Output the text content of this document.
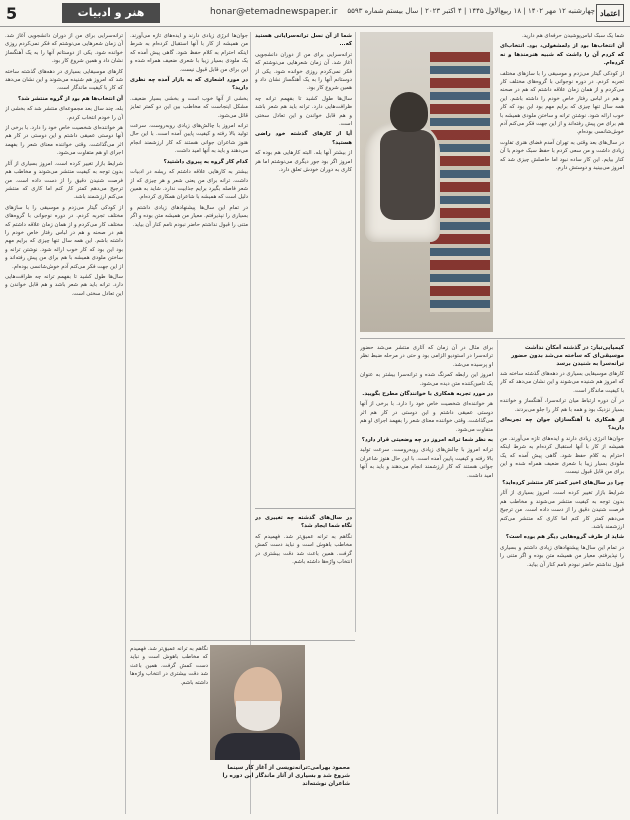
5	هنر و ادبیات	honar@etemadnewspaper.ir	چهارشنبه ۱۲ مهر ۱۴۰۲ | ۱۸ ربیع‌الاول ۱۴۴۵ | ۴ اکتبر ۲۰۲۳ | سال بیستم شماره ۵۵۹۳ اعتماد

شما یک سبک لباس‌پوشیدن حرفه‌ای هم دارید.

آن انتخاب‌ها بود از دلمشغولی، بود. انتخاب‌ای که کردم آن را داشت که شبیه هنرمندها و نه کرده‌ام.

از کودکی گیتار می‌زدم و موسیقی را با سازهای مختلف تجربه کردم. در دوره نوجوانی با گروه‌های مختلف کار می‌کردم و از همان زمان علاقه داشتم که هم در صحنه و هم در لباس رفتار خاص خودم را داشته باشم. این همه سال تنها چیزی که برایم مهم بود این بود که کار خوب ارائه شود. نوشتن ترانه و ساختن ملودی همیشه با هم برای من پیش رفته‌اند و از این جهت فکر می‌کنم آدم خوش‌شانسی بوده‌ام.

در سال‌های بعد وقتی به تهران آمدم فضای هنری تفاوت زیادی داشت و من سعی کردم با حفظ سبک خودم با آن کنار بیایم. این کار ساده نبود اما حاصلش چیزی شد که امروز می‌بینید و دوستش دارم.

کیمیایی‌‌تبار: در گذشته امکان نداشت موسیقی‌ای که ساخته می‌شد بدون حضور ترانه‌سرا به شنیدن برسد

کارهای موسیقایی بسیاری در دهه‌های گذشته ساخته شد که امروز هم شنیده می‌شوند و این نشان می‌دهد که کار با کیفیت ماندگار است.

در آن دوره ارتباط میان ترانه‌سرا، آهنگساز و خواننده بسیار نزدیک بود و همه با هم کار را جلو می‌بردند.

از همکاری با آهنگسازان جوان چه تجربه‌ای دارید؟

جوان‌ها انرژی زیادی دارند و ایده‌های تازه می‌آورند. من همیشه از کار با آنها استقبال کرده‌ام به شرط اینکه احترام به کلام حفظ شود. گاهی پیش آمده که یک ملودی بسیار زیبا با شعری ضعیف همراه شده و این برای من قابل قبول نیست.

چرا در سال‌های اخیر کمتر کار منتشر کرده‌اید؟

شرایط بازار تغییر کرده است. امروز بسیاری از آثار بدون توجه به کیفیت منتشر می‌شوند و مخاطب هم فرصت شنیدن دقیق را از دست داده است. من ترجیح می‌دهم کمتر کار کنم اما کاری که منتشر می‌کنم ارزشمند باشد.

شاید از طرف گروه‌هایی دیگر هم بوده است؟

در تمام این سال‌ها پیشنهادهای زیادی داشتم و بسیاری را نپذیرفتم. معیار من همیشه متن بوده و اگر متنی را قبول نداشتم حاضر نبودم نامم کنار آن بیاید.

برای مثال در آن زمان که آثاری منتشر می‌شد حضور ترانه‌سرا در استودیو الزامی بود و حتی در مرحله ضبط نظر او پرسیده می‌شد.

امروز این رابطه کمرنگ شده و ترانه‌سرا بیشتر به عنوان یک تامین‌کننده متن دیده می‌شود.

در مورد تجربه همکاری با خوانندگان مطرح بگویید.

هر خواننده‌ای شخصیت خاص خود را دارد. با برخی از آنها دوستی عمیقی داشتم و این دوستی در کار هم اثر می‌گذاشت. وقتی خواننده معنای شعر را بفهمد اجرای او هم متفاوت می‌شود.

به نظر شما ترانه امروز در چه وضعیتی قرار دارد؟

ترانه امروز با چالش‌های زیادی روبه‌روست. سرعت تولید بالا رفته و کیفیت پایین آمده است. با این حال هنوز شاعران جوانی هستند که کار ارزشمند انجام می‌دهند و باید به آنها امید داشت.

شما از آن نسل ترانه‌سرایانی هستید که...

ترانه‌سرایی برای من از دوران دانشجویی آغاز شد. آن زمان شعرهایی می‌نوشتم که فکر نمی‌کردم روزی خوانده شود. یکی از دوستانم آنها را به یک آهنگساز نشان داد و همین شروع کار بود.

سال‌ها طول کشید تا بفهمم ترانه چه ظرافت‌هایی دارد. ترانه باید هم شعر باشد و هم قابل خواندن و این تعادل سختی است.

آیا از کارهای گذشته خود راضی هستید؟

از بیشتر آنها بله. البته کارهایی هم بوده که امروز اگر بود جور دیگری می‌نوشتم اما هر کاری به دوران خودش تعلق دارد.

در سال‌های گذشته چه تغییری در نگاه شما ایجاد شد؟

نگاهم به ترانه عمیق‌تر شد. فهمیدم که مخاطب باهوش است و نباید دست کمش گرفت. همین باعث شد دقت بیشتری در انتخاب واژه‌ها داشته باشم.

جوان‌ها انرژی زیادی دارند و ایده‌های تازه می‌آورند. من همیشه از کار با آنها استقبال کرده‌ام به شرط اینکه احترام به کلام حفظ شود. گاهی پیش آمده که یک ملودی بسیار زیبا با شعری ضعیف همراه شده و این برای من قابل قبول نیست.

در مورد اشعاری که به بازار آمده چه نظری دارید؟

بخشی از آنها خوب است و بخشی بسیار ضعیف. مشکل اینجاست که مخاطب بین این دو کمتر تمایز قائل می‌شود.

ترانه امروز با چالش‌های زیادی روبه‌روست. سرعت تولید بالا رفته و کیفیت پایین آمده است. با این حال هنوز شاعران جوانی هستند که کار ارزشمند انجام می‌دهند و باید به آنها امید داشت.

کدام کار گروه به پیروی داشتید؟

بیشتر به کارهایی علاقه داشتم که ریشه در ادبیات داشت. ترانه برای من یعنی شعر و هر چیزی که از شعر فاصله بگیرد برایم جذابیت ندارد. شاید به همین دلیل است که همیشه با شاعران همکاری کرده‌ام.

در تمام این سال‌ها پیشنهادهای زیادی داشتم و بسیاری را نپذیرفتم. معیار من همیشه متن بوده و اگر متنی را قبول نداشتم حاضر نبودم نامم کنار آن بیاید.

ترانه‌سرایی برای من از دوران دانشجویی آغاز شد. آن زمان شعرهایی می‌نوشتم که فکر نمی‌کردم روزی خوانده شود. یکی از دوستانم آنها را به یک آهنگساز نشان داد و همین شروع کار بود.

کارهای موسیقایی بسیاری در دهه‌های گذشته ساخته شد که امروز هم شنیده می‌شوند و این نشان می‌دهد که کار با کیفیت ماندگار است.

آن انتخاب‌ها هم بود از گروه منتشر شد؟

بله، چند سال بعد مجموعه‌ای منتشر شد که بخشی از آن را خودم انتخاب کردم.

هر خواننده‌ای شخصیت خاص خود را دارد. با برخی از آنها دوستی عمیقی داشتم و این دوستی در کار هم اثر می‌گذاشت. وقتی خواننده معنای شعر را بفهمد اجرای او هم متفاوت می‌شود.

شرایط بازار تغییر کرده است. امروز بسیاری از آثار بدون توجه به کیفیت منتشر می‌شوند و مخاطب هم فرصت شنیدن دقیق را از دست داده است. من ترجیح می‌دهم کمتر کار کنم اما کاری که منتشر می‌کنم ارزشمند باشد.

از کودکی گیتار می‌زدم و موسیقی را با سازهای مختلف تجربه کردم. در دوره نوجوانی با گروه‌های مختلف کار می‌کردم و از همان زمان علاقه داشتم که هم در صحنه و هم در لباس رفتار خاص خودم را داشته باشم. این همه سال تنها چیزی که برایم مهم بود این بود که کار خوب ارائه شود. نوشتن ترانه و ساختن ملودی همیشه با هم برای من پیش رفته‌اند و از این جهت فکر می‌کنم آدم خوش‌شانسی بوده‌ام.

سال‌ها طول کشید تا بفهمم ترانه چه ظرافت‌هایی دارد. ترانه باید هم شعر باشد و هم قابل خواندن و این تعادل سختی است.

نگاهم به ترانه عمیق‌تر شد. فهمیدم که مخاطب باهوش است و نباید دست کمش گرفت. همین باعث شد دقت بیشتری در انتخاب واژه‌ها داشته باشم.

محمود بهرامی:ترانه‌نویسی از آغاز کار سینما شروع شد و بسیاری از آثار ماندگار این دوره را شاعران نوشته‌اند
